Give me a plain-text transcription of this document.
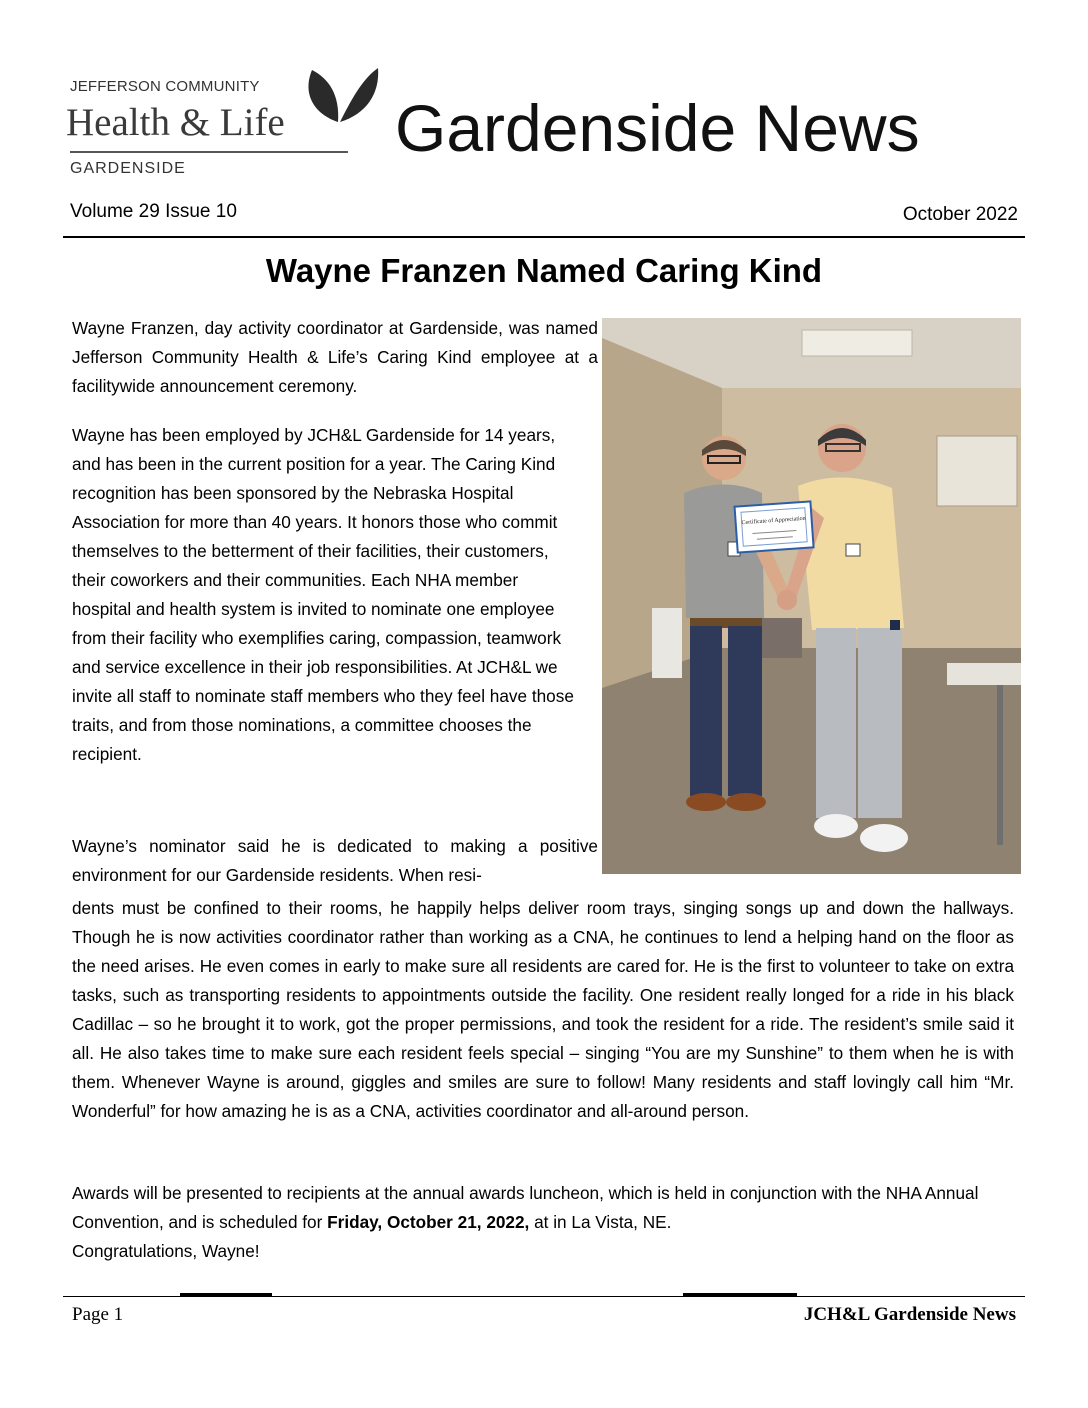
JEFFERSON COMMUNITY
Health & Life
GARDENSIDE
Gardenside News
Volume 29 Issue 10	October 2022
Wayne Franzen Named Caring Kind

Wayne Franzen, day activity coordinator at Gardenside, was named Jefferson Community Health & Life’s Caring Kind employee at a facilitywide announcement ceremony.

Wayne has been employed by JCH&L Gardenside for 14 years, and has been in the current position for a year. The Caring Kind recognition has been sponsored by the Nebraska Hospital Association for more than 40 years. It honors those who commit themselves to the betterment of their facilities, their customers, their coworkers and their communities. Each NHA member hospital and health system is invited to nominate one employee from their facility who exemplifies caring, compassion, teamwork and service excellence in their job responsibilities. At JCH&L we invite all staff to nominate staff members who they feel have those traits, and from those nominations, a committee chooses the recipient.

Wayne’s nominator said he is dedicated to making a positive environment for our Gardenside residents. When resi-

dents must be confined to their rooms, he happily helps deliver room trays, singing songs up and down the hallways. Though he is now activities coordinator rather than working as a CNA, he continues to lend a helping hand on the floor as the need arises. He even comes in early to make sure all residents are cared for. He is the first to volunteer to take on extra tasks, such as transporting residents to appointments outside the facility. One resident really longed for a ride in his black Cadillac – so he brought it to work, got the proper permissions, and took the resident for a ride. The resident’s smile said it all. He also takes time to make sure each resident feels special – singing “You are my Sunshine” to them when he is with them. Whenever Wayne is around, giggles and smiles are sure to follow! Many residents and staff lovingly call him “Mr. Wonderful” for how amazing he is as a CNA, activities coordinator and all-around person.

Awards will be presented to recipients at the annual awards luncheon, which is held in conjunction with the NHA Annual Convention, and is scheduled for Friday, October 21, 2022, at in La Vista, NE.

Congratulations, Wayne!

Certificate of Appreciation
Page 1	JCH&L Gardenside News
